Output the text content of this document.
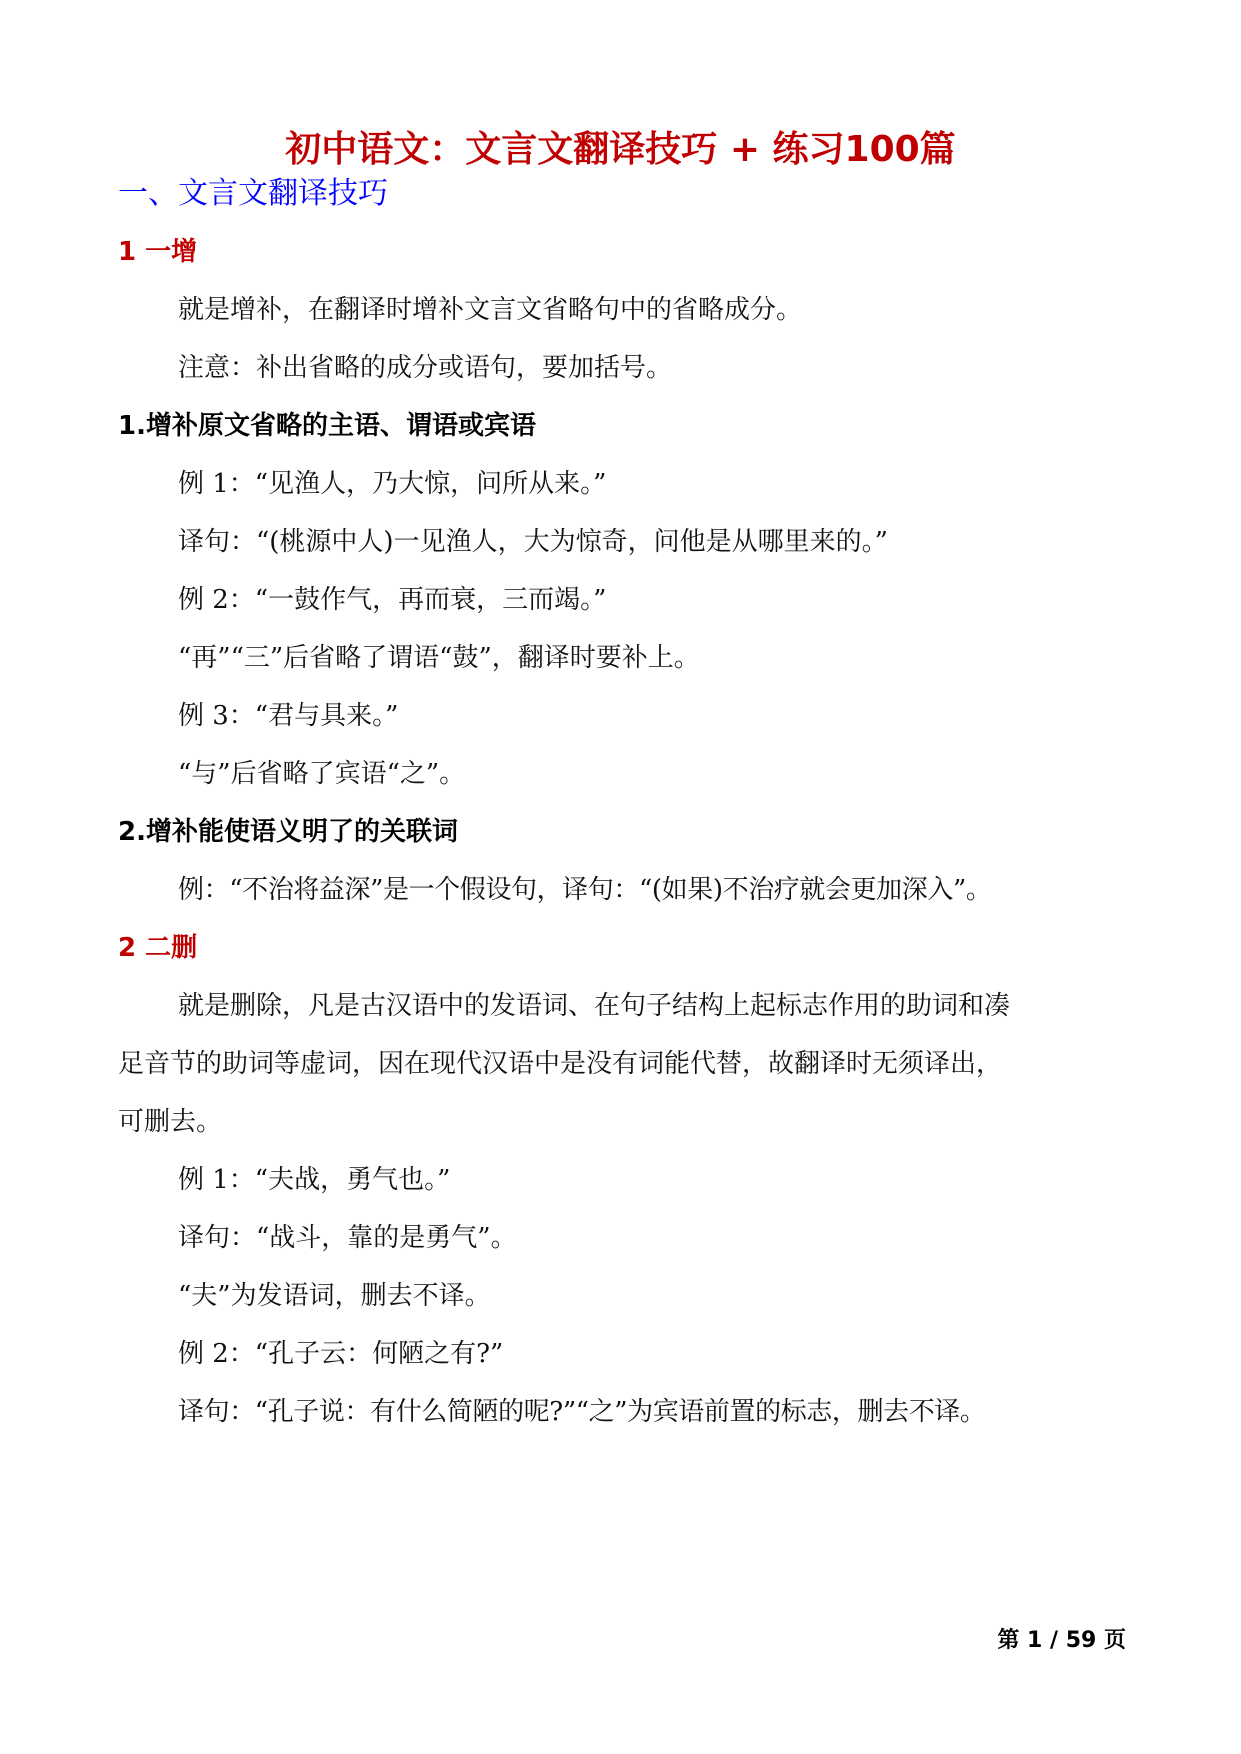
初中语文：文言文翻译技巧 + 练习100篇
一、文言文翻译技巧
1 一增
就是增补，在翻译时增补文言文省略句中的省略成分。
注意：补出省略的成分或语句，要加括号。
1.增补原文省略的主语、谓语或宾语
例 1：“见渔人，乃大惊，问所从来。”
译句：“(桃源中人)一见渔人，大为惊奇，问他是从哪里来的。”
例 2：“一鼓作气，再而衰，三而竭。”
“再”“三”后省略了谓语“鼓”，翻译时要补上。
例 3：“君与具来。”
“与”后省略了宾语“之”。
2.增补能使语义明了的关联词
例：“不治将益深”是一个假设句，译句：“(如果)不治疗就会更加深入”。
2 二删
就是删除，凡是古汉语中的发语词、在句子结构上起标志作用的助词和凑
足音节的助词等虚词，因在现代汉语中是没有词能代替，故翻译时无须译出，
可删去。
例 1：“夫战，勇气也。”
译句：“战斗，靠的是勇气”。
“夫”为发语词，删去不译。
例 2：“孔子云：何陋之有?”
译句：“孔子说：有什么简陋的呢?”“之”为宾语前置的标志，删去不译。
第 1 / 59 页
